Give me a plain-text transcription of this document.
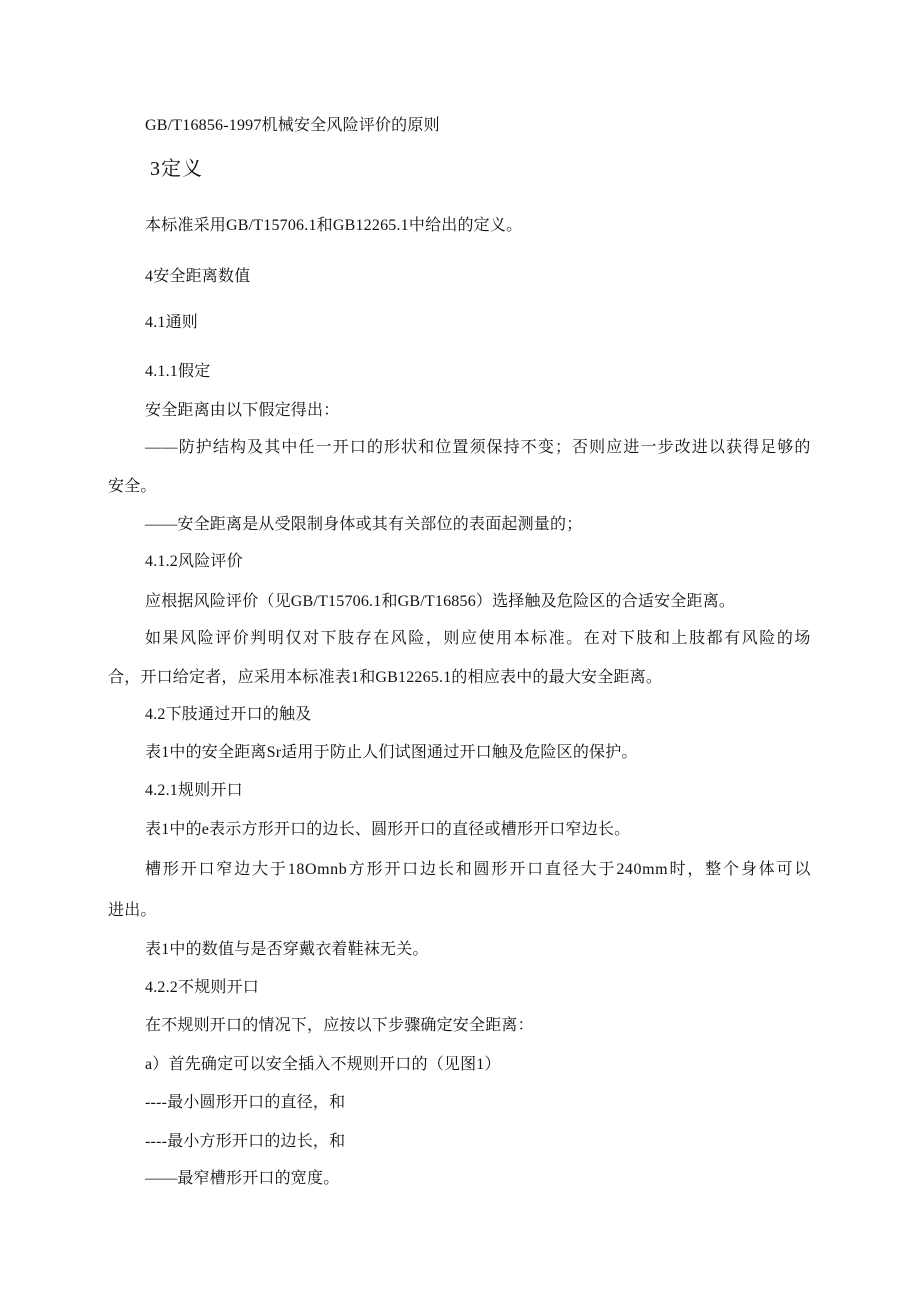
GB/T16856-1997机械安全风险评价的原则
3定义
本标准采用GB/T15706.1和GB12265.1中给出的定义。
4安全距离数值
4.1通则
4.1.1假定
安全距离由以下假定得出：
——防护结构及其中任一开口的形状和位置须保持不变；否则应进一步改进以获得足够的
安全。
——安全距离是从受限制身体或其有关部位的表面起测量的；
4.1.2风险评价
应根据风险评价（见GB/T15706.1和GB/T16856）选择触及危险区的合适安全距离。
如果风险评价判明仅对下肢存在风险，则应使用本标准。在对下肢和上肢都有风险的场
合，开口给定者，应采用本标准表1和GB12265.1的相应表中的最大安全距离。
4.2下肢通过开口的触及
表1中的安全距离Sr适用于防止人们试图通过开口触及危险区的保护。
4.2.1规则开口
表1中的e表示方形开口的边长、圆形开口的直径或槽形开口窄边长。
槽形开口窄边大于18Omnb方形开口边长和圆形开口直径大于240mm时，整个身体可以
进出。
表1中的数值与是否穿戴衣着鞋袜无关。
4.2.2不规则开口
在不规则开口的情况下，应按以下步骤确定安全距离：
a）首先确定可以安全插入不规则开口的（见图1）
----最小圆形开口的直径，和
----最小方形开口的边长，和
——最窄槽形开口的宽度。
